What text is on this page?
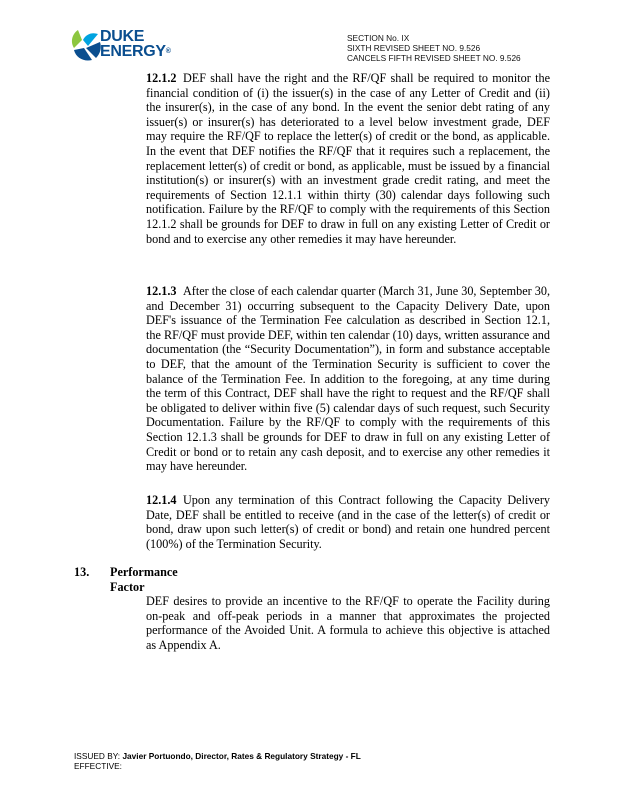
DUKE
ENERGY®
SECTION No. IX
SIXTH REVISED SHEET NO. 9.526
CANCELS FIFTH REVISED SHEET NO. 9.526

12.1.2 DEF shall have the right and the RF/QF shall be required to monitor the financial condition of (i) the issuer(s) in the case of any Letter of Credit and (ii) the insurer(s), in the case of any bond. In the event the senior debt rating of any issuer(s) or insurer(s) has deteriorated to a level below investment grade, DEF may require the RF/QF to replace the letter(s) of credit or the bond, as applicable. In the event that DEF notifies the RF/QF that it requires such a replacement, the replacement letter(s) of credit or bond, as applicable, must be issued by a financial institution(s) or insurer(s) with an investment grade credit rating, and meet the requirements of Section 12.1.1 within thirty (30) calendar days following such notification. Failure by the RF/QF to comply with the requirements of this Section 12.1.2 shall be grounds for DEF to draw in full on any existing Letter of Credit or bond and to exercise any other remedies it may have hereunder.

12.1.3 After the close of each calendar quarter (March 31, June 30, September 30, and December 31) occurring subsequent to the Capacity Delivery Date, upon DEF's issuance of the Termination Fee calculation as described in Section 12.1, the RF/QF must provide DEF, within ten calendar (10) days, written assurance and documentation (the “Security Documentation”), in form and substance acceptable to DEF, that the amount of the Termination Security is sufficient to cover the balance of the Termination Fee. In addition to the foregoing, at any time during the term of this Contract, DEF shall have the right to request and the RF/QF shall be obligated to deliver within five (5) calendar days of such request, such Security Documentation. Failure by the RF/QF to comply with the requirements of this Section 12.1.3 shall be grounds for DEF to draw in full on any existing Letter of Credit or bond or to retain any cash deposit, and to exercise any other remedies it may have hereunder.

12.1.4 Upon any termination of this Contract following the Capacity Delivery Date, DEF shall be entitled to receive (and in the case of the letter(s) of credit or bond, draw upon such letter(s) of credit or bond) and retain one hundred percent (100%) of the Termination Security.

13. Performance Factor

DEF desires to provide an incentive to the RF/QF to operate the Facility during on-peak and off-peak periods in a manner that approximates the projected performance of the Avoided Unit. A formula to achieve this objective is attached as Appendix A.

ISSUED BY: Javier Portuondo, Director, Rates & Regulatory Strategy - FL
EFFECTIVE:
